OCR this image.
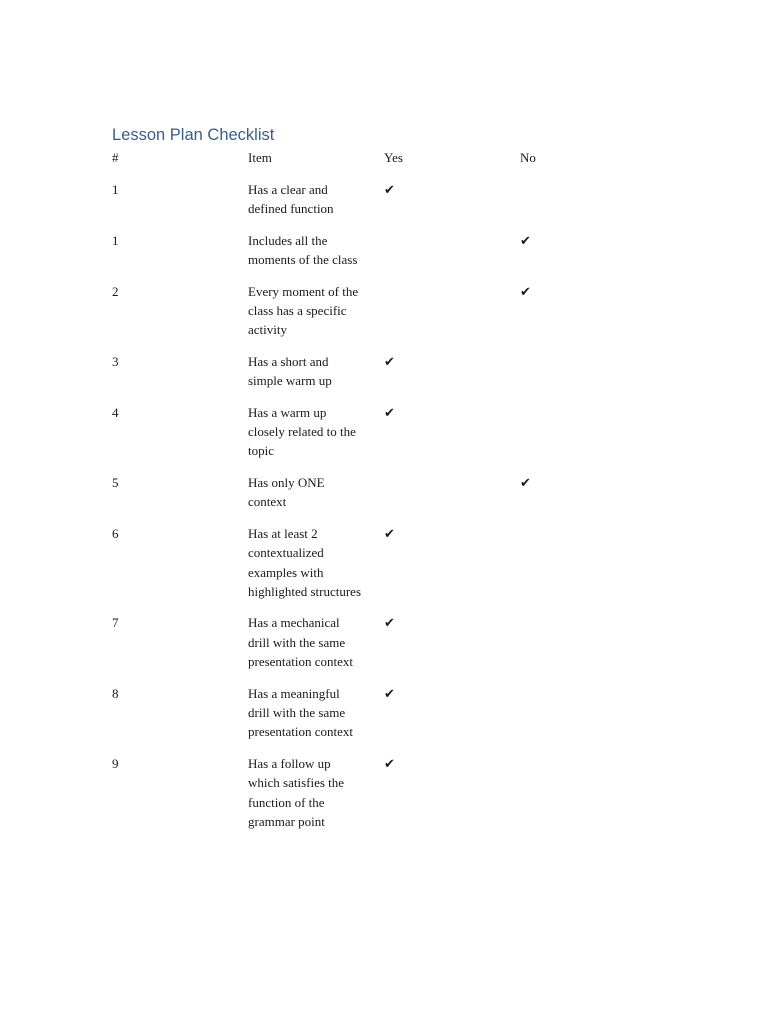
Lesson Plan Checklist
#	Item	Yes	No
1	Has a clear and defined function	✔	
1	Includes all the moments of the class		✔
2	Every moment of the class has a specific activity		✔
3	Has a short and simple warm up	✔	
4	Has a warm up closely related to the topic	✔	
5	Has only ONE context		✔
6	Has at least 2 contextualized examples with highlighted structures	✔	
7	Has a mechanical drill with the same presentation context	✔	
8	Has a meaningful drill with the same presentation context	✔	
9	Has a follow up which satisfies the function of the grammar point	✔	
